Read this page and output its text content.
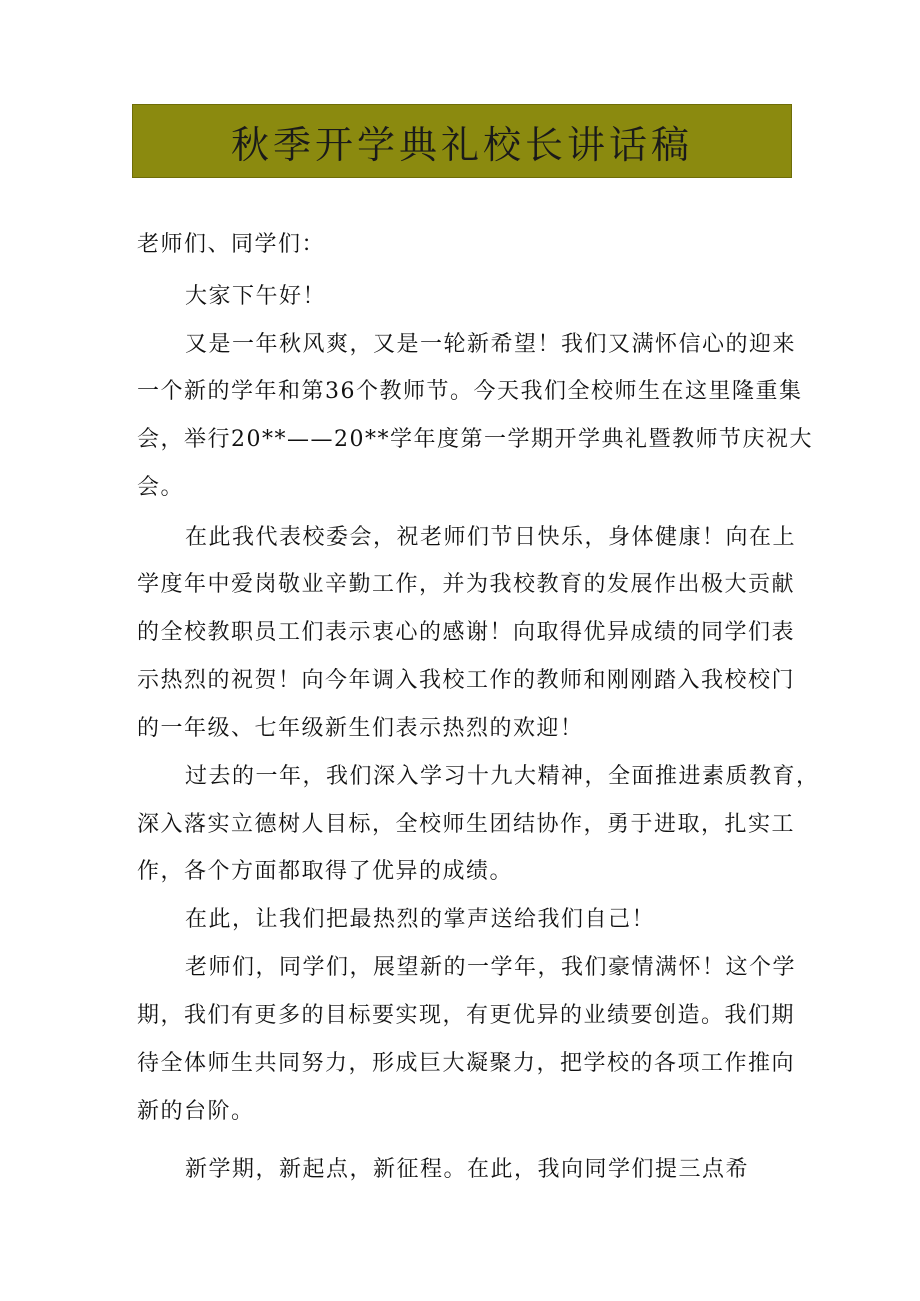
秋季开学典礼校长讲话稿
老师们、同学们：
大家下午好！
又是一年秋风爽，又是一轮新希望！我们又满怀信心的迎来
一个新的学年和第36个教师节。今天我们全校师生在这里隆重集
会，举行20**——20**学年度第一学期开学典礼暨教师节庆祝大
会。
在此我代表校委会，祝老师们节日快乐，身体健康！向在上
学度年中爱岗敬业辛勤工作，并为我校教育的发展作出极大贡献
的全校教职员工们表示衷心的感谢！向取得优异成绩的同学们表
示热烈的祝贺！向今年调入我校工作的教师和刚刚踏入我校校门
的一年级、七年级新生们表示热烈的欢迎！
过去的一年，我们深入学习十九大精神，全面推进素质教育，
深入落实立德树人目标，全校师生团结协作，勇于进取，扎实工
作，各个方面都取得了优异的成绩。
在此，让我们把最热烈的掌声送给我们自己！
老师们，同学们，展望新的一学年，我们豪情满怀！这个学
期，我们有更多的目标要实现，有更优异的业绩要创造。我们期
待全体师生共同努力，形成巨大凝聚力，把学校的各项工作推向
新的台阶。
新学期，新起点，新征程。在此，我向同学们提三点希
